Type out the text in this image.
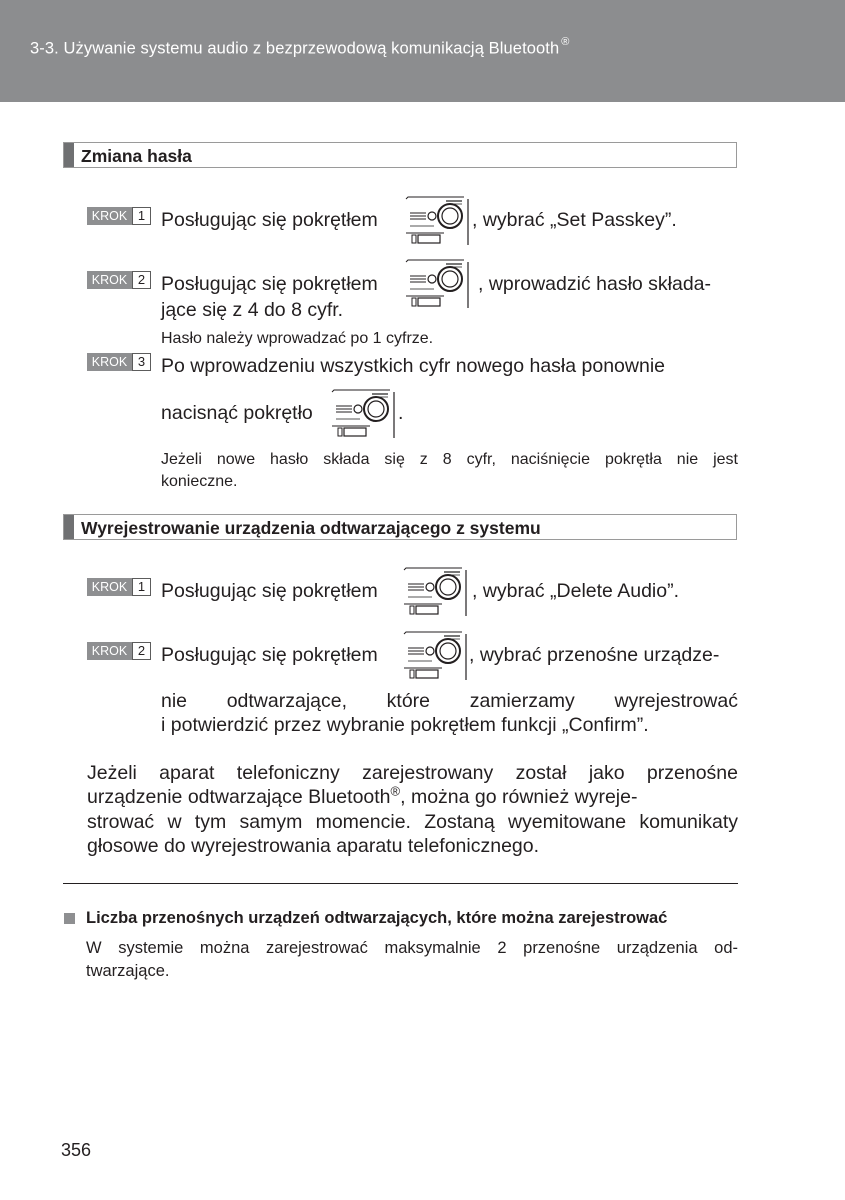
3-3. Używanie systemu audio z bezprzewodową komunikacją Bluetooth ®
Zmiana hasła
KROK 1 Posługując się pokrętłem	, wybrać „Set Passkey”.
KROK 2 Posługując się pokrętłem	, wprowadzić hasło składa-
jące się z 4 do 8 cyfr.
Hasło należy wprowadzać po 1 cyfrze.
KROK 3 Po wprowadzeniu wszystkich cyfr nowego hasła ponownie
nacisnąć pokrętło	.
Jeżeli nowe hasło składa się z 8 cyfr, naciśnięcie pokrętła nie jest
konieczne.
Wyrejestrowanie urządzenia odtwarzającego z systemu
KROK 1 Posługując się pokrętłem	, wybrać „Delete Audio”.
KROK 2 Posługując się pokrętłem	, wybrać przenośne urządze-
nie odtwarzające, które zamierzamy wyrejestrować
i potwierdzić przez wybranie pokrętłem funkcji „Confirm”.
Jeżeli aparat telefoniczny zarejestrowany został jako przenośne
urządzenie odtwarzające Bluetooth®, można go również wyreje-
strować w tym samym momencie. Zostaną wyemitowane komunikaty
głosowe do wyrejestrowania aparatu telefonicznego.
Liczba przenośnych urządzeń odtwarzających, które można zarejestrować
W systemie można zarejestrować maksymalnie 2 przenośne urządzenia od-
twarzające.
356
